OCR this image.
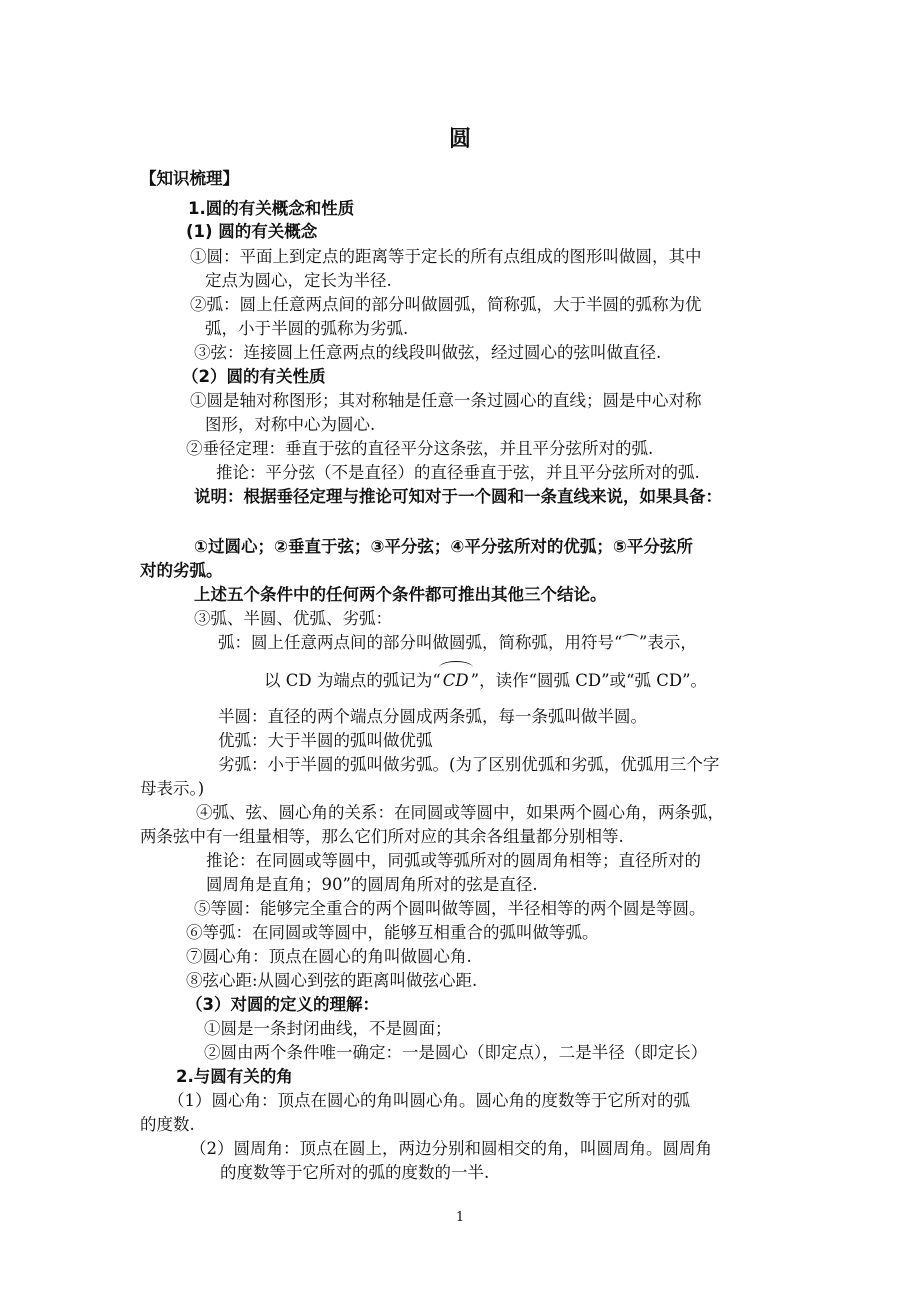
圆
【知识梳理】
1.圆的有关概念和性质
(1) 圆的有关概念
①圆：平面上到定点的距离等于定长的所有点组成的图形叫做圆，其中
定点为圆心，定长为半径.
②弧：圆上任意两点间的部分叫做圆弧，简称弧，大于半圆的弧称为优
弧，小于半圆的弧称为劣弧.
③弦：连接圆上任意两点的线段叫做弦，经过圆心的弦叫做直径.
（2）圆的有关性质
①圆是轴对称图形；其对称轴是任意一条过圆心的直线；圆是中心对称
图形，对称中心为圆心.
②垂径定理：垂直于弦的直径平分这条弦，并且平分弦所对的弧.
推论：平分弦（不是直径）的直径垂直于弦，并且平分弦所对的弧.
说明：根据垂径定理与推论可知对于一个圆和一条直线来说，如果具备：
①过圆心；②垂直于弦；③平分弦；④平分弦所对的优弧；⑤平分弦所
对的劣弧。
上述五个条件中的任何两个条件都可推出其他三个结论。
③弧、半圆、优弧、劣弧：
弧：圆上任意两点间的部分叫做圆弧，简称弧，用符号“⌒”表示，
以 CD 为端点的弧记为“ CD ”，读作“圆弧 CD”或“弧 CD”。
半圆：直径的两个端点分圆成两条弧，每一条弧叫做半圆。
优弧：大于半圆的弧叫做优弧
劣弧：小于半圆的弧叫做劣弧。(为了区别优弧和劣弧，优弧用三个字
母表示。)
④弧、弦、圆心角的关系：在同圆或等圆中，如果两个圆心角，两条弧，
两条弦中有一组量相等，那么它们所对应的其余各组量都分别相等.
推论：在同圆或等圆中，同弧或等弧所对的圆周角相等；直径所对的
圆周角是直角；90”的圆周角所对的弦是直径.
⑤等圆：能够完全重合的两个圆叫做等圆，半径相等的两个圆是等圆。
⑥等弧：在同圆或等圆中，能够互相重合的弧叫做等弧。
⑦圆心角：顶点在圆心的角叫做圆心角.
⑧弦心距:从圆心到弦的距离叫做弦心距.
（3）对圆的定义的理解：
①圆是一条封闭曲线，不是圆面；
②圆由两个条件唯一确定：一是圆心（即定点），二是半径（即定长）
2.与圆有关的角
（1）圆心角：顶点在圆心的角叫圆心角。圆心角的度数等于它所对的弧
的度数.
（2）圆周角：顶点在圆上，两边分别和圆相交的角，叫圆周角。圆周角
的度数等于它所对的弧的度数的一半.
1
